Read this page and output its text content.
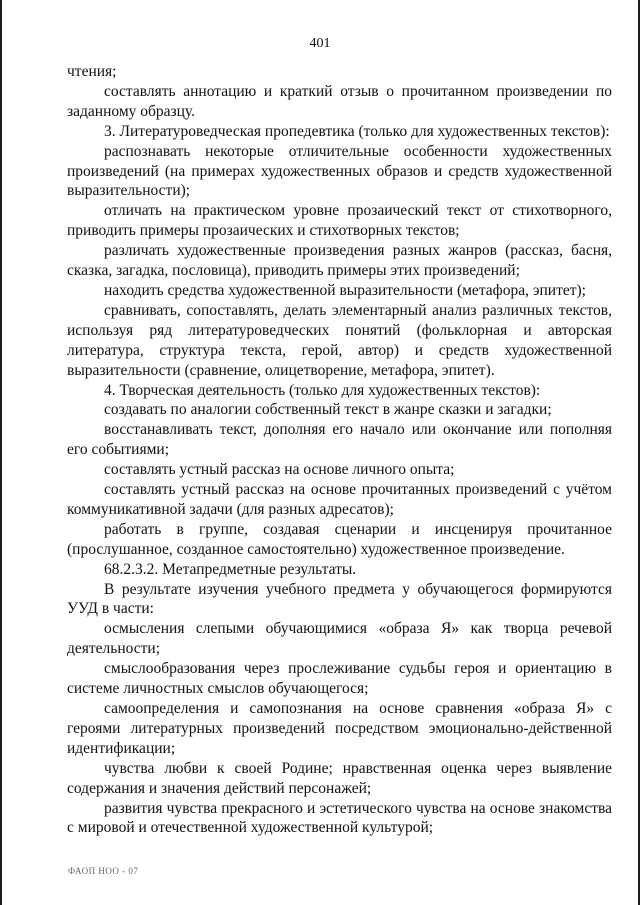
401

чтения;

составлять аннотацию и краткий отзыв о прочитанном произведении по заданному образцу.

3. Литературоведческая пропедевтика (только для художественных текстов):

распознавать некоторые отличительные особенности художественных произведений (на примерах художественных образов и средств художественной выразительности);

отличать на практическом уровне прозаический текст от стихотворного, приводить примеры прозаических и стихотворных текстов;

различать художественные произведения разных жанров (рассказ, басня, сказка, загадка, пословица), приводить примеры этих произведений;

находить средства художественной выразительности (метафора, эпитет);

сравнивать, сопоставлять, делать элементарный анализ различных текстов, используя ряд литературоведческих понятий (фольклорная и авторская литература, структура текста, герой, автор) и средств художественной выразительности (сравнение, олицетворение, метафора, эпитет).

4. Творческая деятельность (только для художественных текстов):

создавать по аналогии собственный текст в жанре сказки и загадки;

восстанавливать текст, дополняя его начало или окончание или пополняя его событиями;

составлять устный рассказ на основе личного опыта;

составлять устный рассказ на основе прочитанных произведений с учётом коммуникативной задачи (для разных адресатов);

работать в группе, создавая сценарии и инсценируя прочитанное (прослушанное, созданное самостоятельно) художественное произведение.

68.2.3.2. Метапредметные результаты.

В результате изучения учебного предмета у обучающегося формируются УУД в части:

осмысления слепыми обучающимися «образа Я» как творца речевой деятельности;

смыслообразования через прослеживание судьбы героя и ориентацию в системе личностных смыслов обучающегося;

самоопределения и самопознания на основе сравнения «образа Я» с героями литературных произведений посредством эмоционально-действенной идентификации;

чувства любви к своей Родине; нравственная оценка через выявление содержания и значения действий персонажей;

развития чувства прекрасного и эстетического чувства на основе знакомства с мировой и отечественной художественной культурой;

ФАОП НОО - 07
